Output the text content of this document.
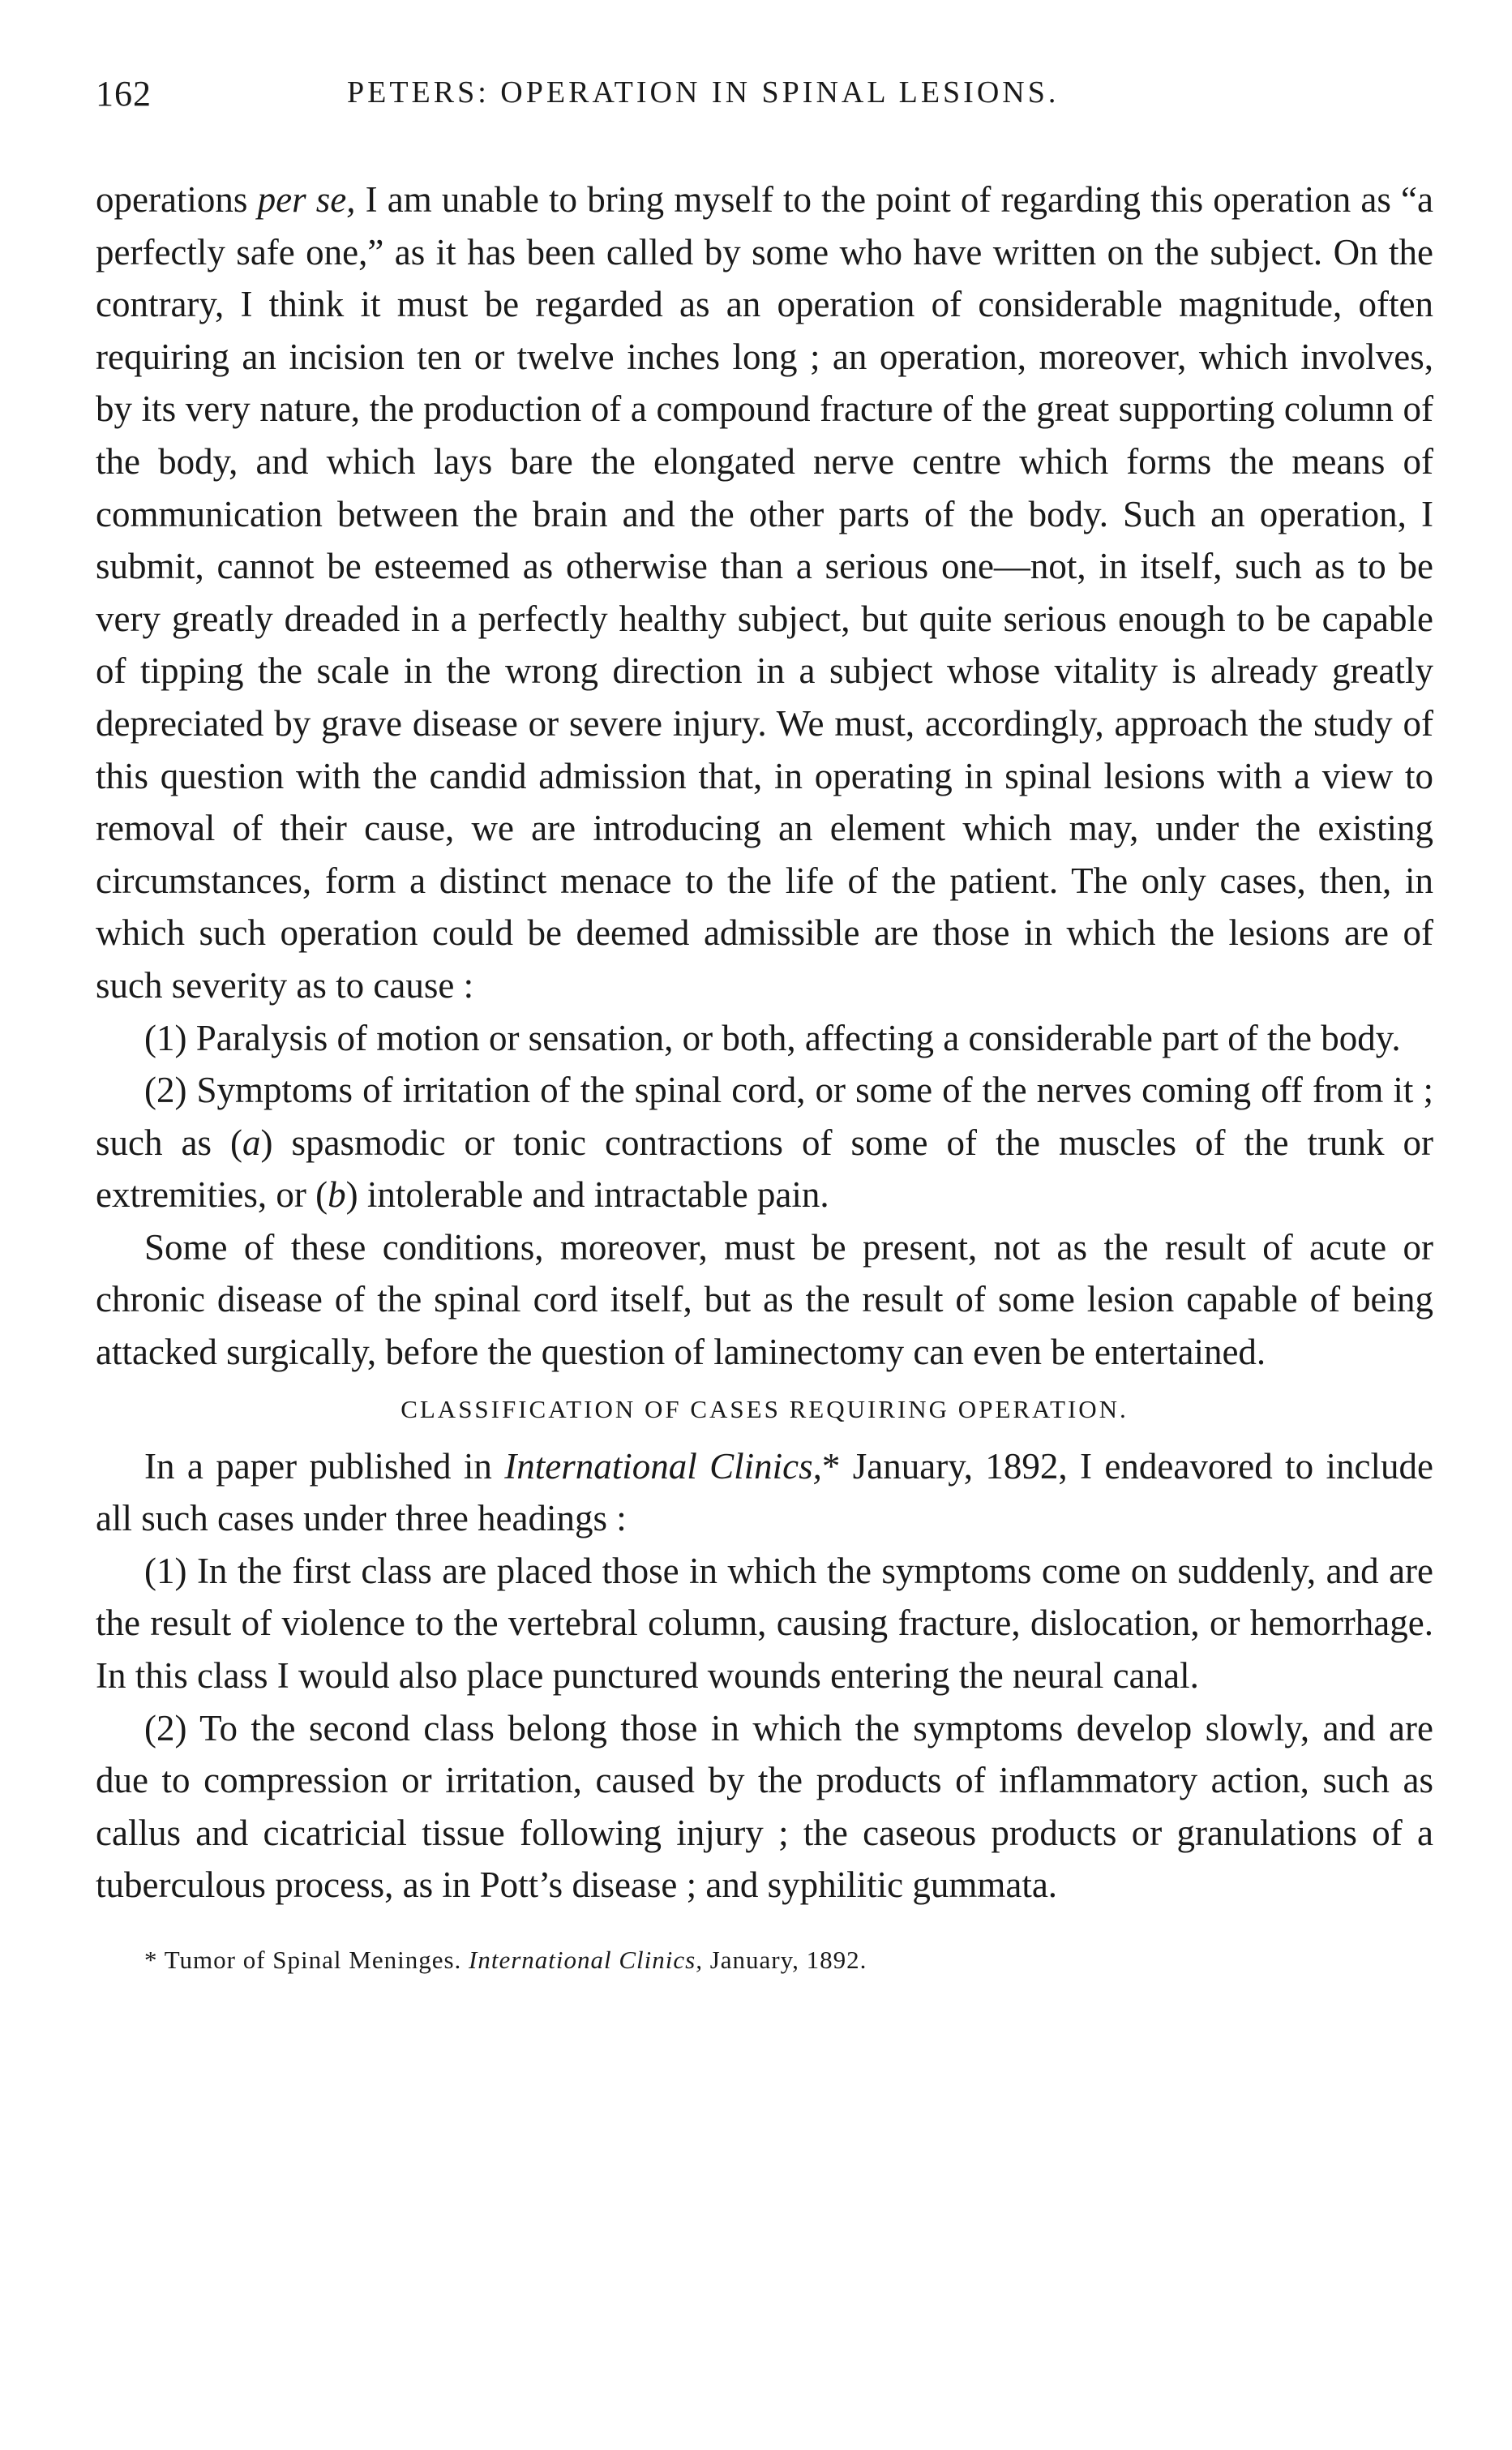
162	PETERS: OPERATION IN SPINAL LESIONS.

operations per se, I am unable to bring myself to the point of regarding this operation as “a perfectly safe one,” as it has been called by some who have written on the subject. On the contrary, I think it must be regarded as an operation of considerable magnitude, often requiring an incision ten or twelve inches long ; an operation, moreover, which involves, by its very nature, the production of a compound fracture of the great supporting column of the body, and which lays bare the elongated nerve centre which forms the means of communication between the brain and the other parts of the body. Such an operation, I submit, cannot be esteemed as otherwise than a serious one—not, in itself, such as to be very greatly dreaded in a perfectly healthy subject, but quite serious enough to be capable of tipping the scale in the wrong direction in a subject whose vitality is already greatly depreciated by grave disease or severe injury. We must, accordingly, approach the study of this question with the candid admission that, in operating in spinal lesions with a view to removal of their cause, we are introducing an element which may, under the existing circumstances, form a distinct menace to the life of the patient. The only cases, then, in which such operation could be deemed admissible are those in which the lesions are of such severity as to cause :

(1) Paralysis of motion or sensation, or both, affecting a considerable part of the body.

(2) Symptoms of irritation of the spinal cord, or some of the nerves coming off from it ; such as (a) spasmodic or tonic contractions of some of the muscles of the trunk or extremities, or (b) intolerable and intractable pain.

Some of these conditions, moreover, must be present, not as the result of acute or chronic disease of the spinal cord itself, but as the result of some lesion capable of being attacked surgically, before the question of laminectomy can even be entertained.

CLASSIFICATION OF CASES REQUIRING OPERATION.

In a paper published in International Clinics,* January, 1892, I endeavored to include all such cases under three headings :

(1) In the first class are placed those in which the symptoms come on suddenly, and are the result of violence to the vertebral column, causing fracture, dislocation, or hemorrhage. In this class I would also place punctured wounds entering the neural canal.

(2) To the second class belong those in which the symptoms develop slowly, and are due to compression or irritation, caused by the products of inflammatory action, such as callus and cicatricial tissue following injury ; the caseous products or granulations of a tuberculous process, as in Pott’s disease ; and syphilitic gummata.

* Tumor of Spinal Meninges. International Clinics, January, 1892.
